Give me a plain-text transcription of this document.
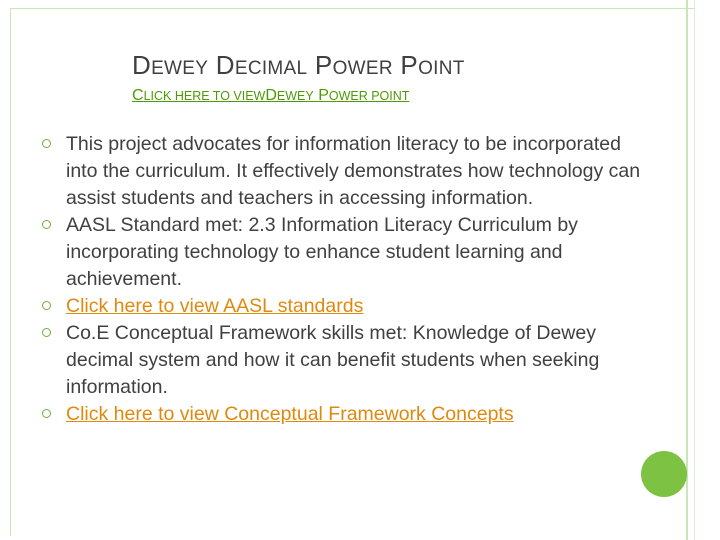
DEWEY DECIMAL POWER POINT
CLICK HERE TO VIEWDEWEY POWER POINT
This project advocates for information literacy to be incorporated into the curriculum. It effectively demonstrates how technology can assist students and teachers in accessing information.
AASL Standard met: 2.3 Information Literacy Curriculum by incorporating technology to enhance student learning and achievement.
Click here to view AASL standards
Co.E Conceptual Framework skills met: Knowledge of Dewey decimal system and how it can benefit students when seeking information.
Click here to view Conceptual Framework Concepts
